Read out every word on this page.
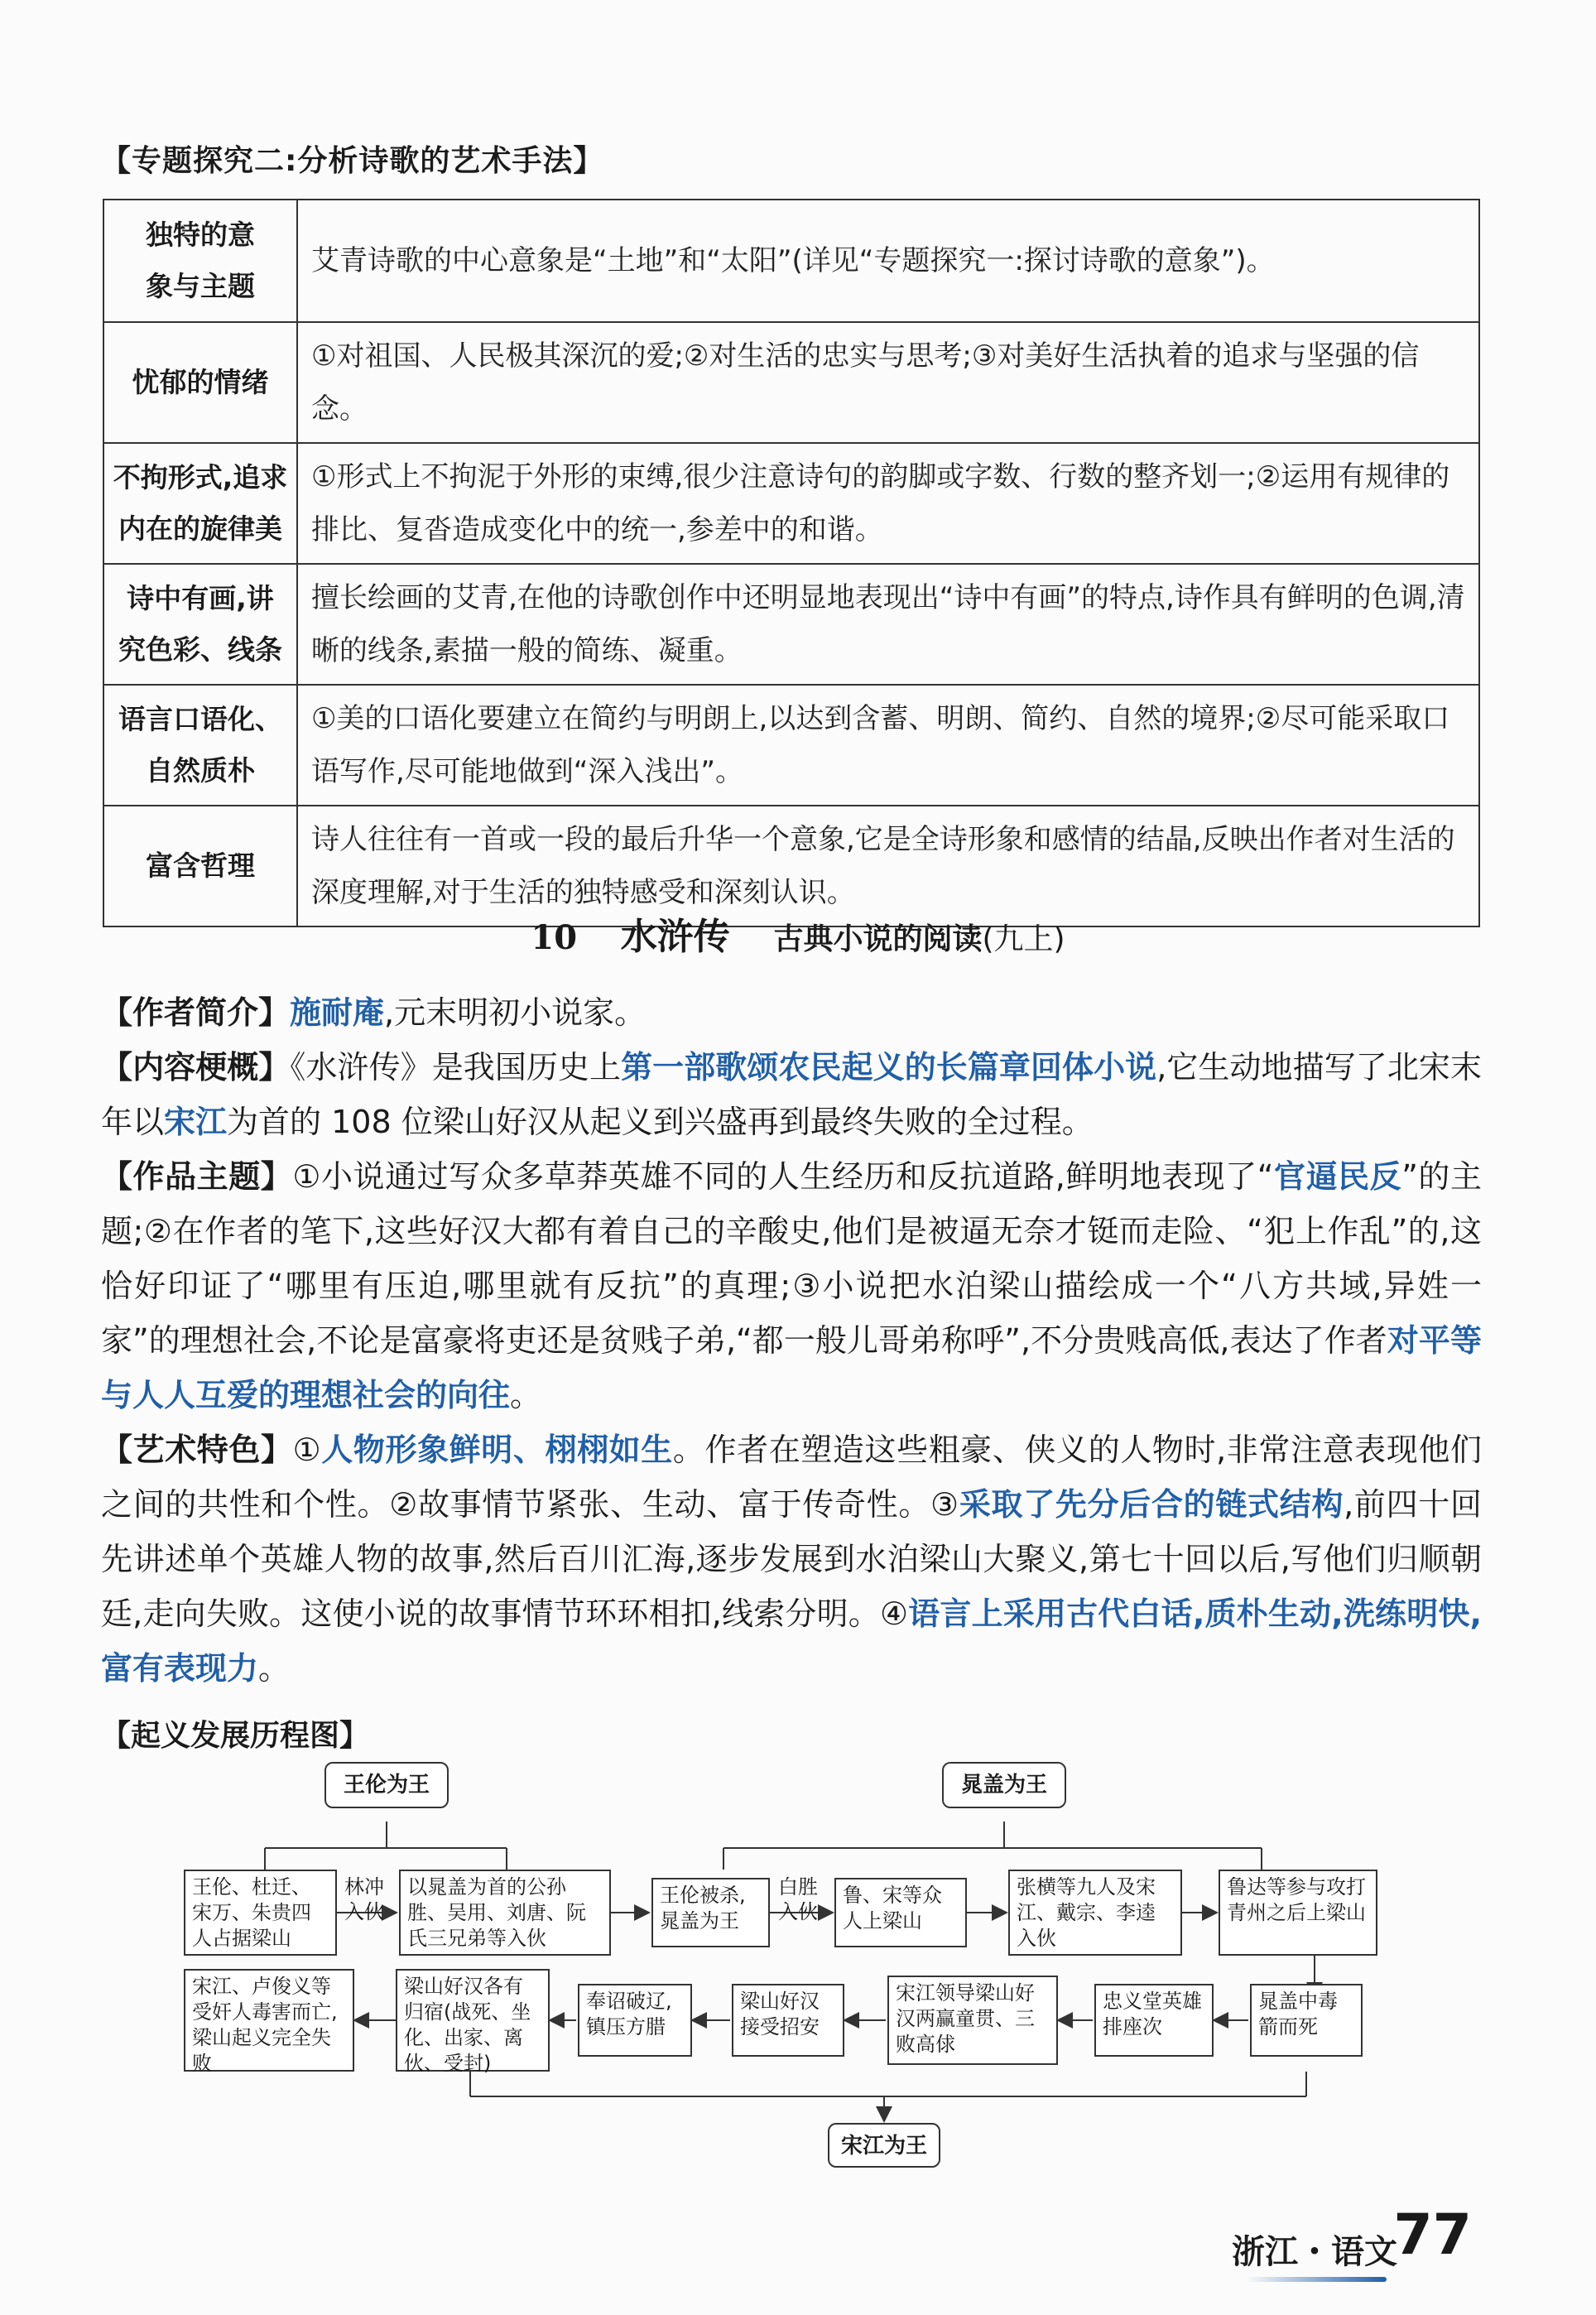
【专题探究二:分析诗歌的艺术手法】
独特的意
象与主题	艾青诗歌的中心意象是“土地”和“太阳”(详见“专题探究一:探讨诗歌的意象”)。
忧郁的情绪	①对祖国、人民极其深沉的爱;②对生活的忠实与思考;③对美好生活执着的追求与坚强的信念。
不拘形式,追求
内在的旋律美	①形式上不拘泥于外形的束缚,很少注意诗句的韵脚或字数、行数的整齐划一;②运用有规律的排比、复沓造成变化中的统一,参差中的和谐。
诗中有画,讲
究色彩、线条	擅长绘画的艾青,在他的诗歌创作中还明显地表现出“诗中有画”的特点,诗作具有鲜明的色调,清晰的线条,素描一般的简练、凝重。
语言口语化、
自然质朴	①美的口语化要建立在简约与明朗上,以达到含蓄、明朗、简约、自然的境界;②尽可能采取口语写作,尽可能地做到“深入浅出”。
富含哲理	诗人往往有一首或一段的最后升华一个意象,它是全诗形象和感情的结晶,反映出作者对生活的深度理解,对于生活的独特感受和深刻认识。
10 水浒传 古典小说的阅读(九上)

【作者简介】施耐庵,元末明初小说家。

【内容梗概】《水浒传》是我国历史上第一部歌颂农民起义的长篇章回体小说,它生动地描写了北宋末年以宋江为首的 108 位梁山好汉从起义到兴盛再到最终失败的全过程。

【作品主题】①小说通过写众多草莽英雄不同的人生经历和反抗道路,鲜明地表现了“官逼民反”的主题;②在作者的笔下,这些好汉大都有着自己的辛酸史,他们是被逼无奈才铤而走险、“犯上作乱”的,这恰好印证了“哪里有压迫,哪里就有反抗”的真理;③小说把水泊梁山描绘成一个“八方共域,异姓一家”的理想社会,不论是富豪将吏还是贫贱子弟,“都一般儿哥弟称呼”,不分贵贱高低,表达了作者对平等与人人互爱的理想社会的向往。

【艺术特色】①人物形象鲜明、栩栩如生。作者在塑造这些粗豪、侠义的人物时,非常注意表现他们之间的共性和个性。②故事情节紧张、生动、富于传奇性。③采取了先分后合的链式结构,前四十回先讲述单个英雄人物的故事,然后百川汇海,逐步发展到水泊梁山大聚义,第七十回以后,写他们归顺朝廷,走向失败。这使小说的故事情节环环相扣,线索分明。④语言上采用古代白话,质朴生动,洗练明快,富有表现力。

【起义发展历程图】
王伦为王	晁盖为王
宋江为王
王伦、杜迁、宋万、朱贵四人占据梁山
林冲入伙
以晁盖为首的公孙胜、吴用、刘唐、阮氏三兄弟等入伙
王伦被杀,晁盖为王
白胜入伙
鲁、宋等众人上梁山
张横等九人及宋江、戴宗、李逵入伙
鲁达等参与攻打青州之后上梁山
宋江、卢俊义等受奸人毒害而亡,梁山起义完全失败
梁山好汉各有归宿(战死、坐化、出家、离伙、受封)
奉诏破辽,镇压方腊
梁山好汉接受招安
宋江领导梁山好汉两赢童贯、三败高俅
忠义堂英雄排座次
晁盖中毒箭而死
浙江・语文
77
